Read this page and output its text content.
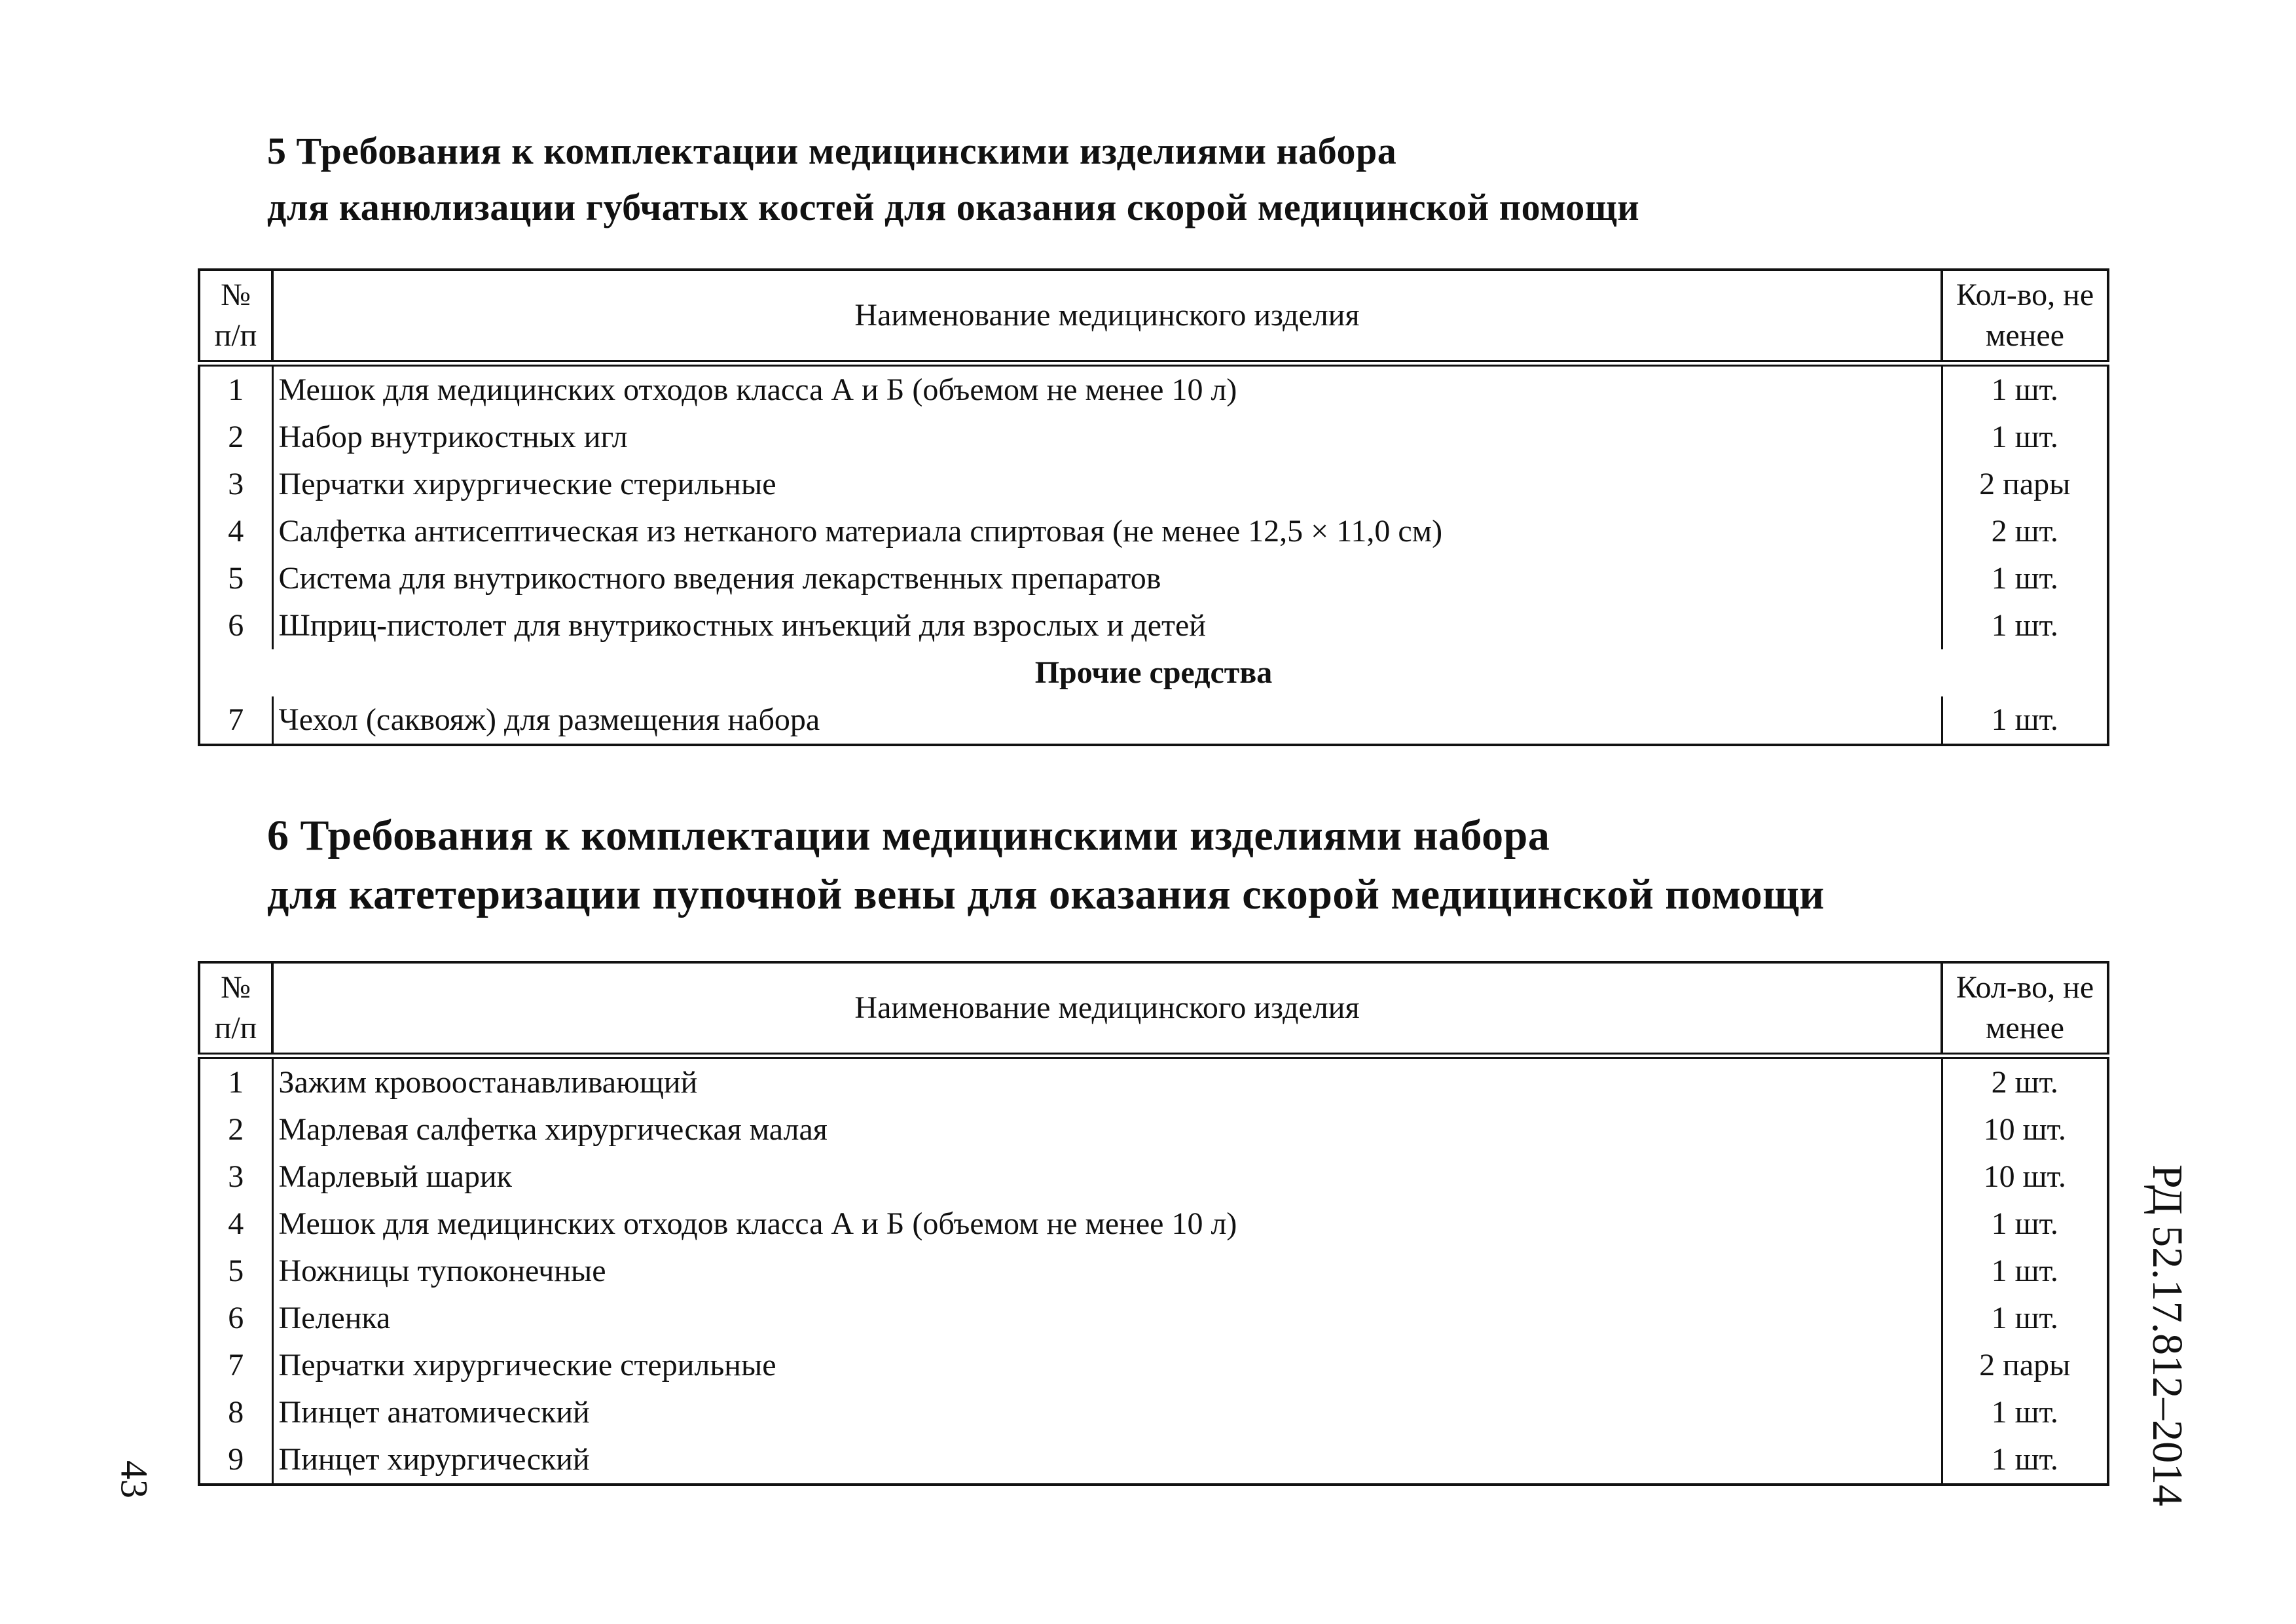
5 Требования к комплектации медицинскими изделиями набора
для канюлизации губчатых костей для оказания скорой медицинской помощи
№ п/п	Наименование медицинского изделия	Кол-во, не менее
1	Мешок для медицинских отходов класса А и Б (объемом не менее 10 л)	1 шт.
2	Набор внутрикостных игл	1 шт.
3	Перчатки хирургические стерильные	2 пары
4	Салфетка антисептическая из нетканого материала спиртовая (не менее 12,5 × 11,0 см)	2 шт.
5	Система для внутрикостного введения лекарственных препаратов	1 шт.
6	Шприц-пистолет для внутрикостных инъекций для взрослых и детей	1 шт.
Прочие средства		
7	Чехол (саквояж) для размещения набора	1 шт.
6 Требования к комплектации медицинскими изделиями набора
для катетеризации пупочной вены для оказания скорой медицинской помощи
№ п/п	Наименование медицинского изделия	Кол-во, не менее
1	Зажим кровоостанавливающий	2 шт.
2	Марлевая салфетка хирургическая малая	10 шт.
3	Марлевый шарик	10 шт.
4	Мешок для медицинских отходов класса А и Б (объемом не менее 10 л)	1 шт.
5	Ножницы тупоконечные	1 шт.
6	Пеленка	1 шт.
7	Перчатки хирургические стерильные	2 пары
8	Пинцет анатомический	1 шт.
9	Пинцет хирургический	1 шт. РД 52.17.812–2014
43
